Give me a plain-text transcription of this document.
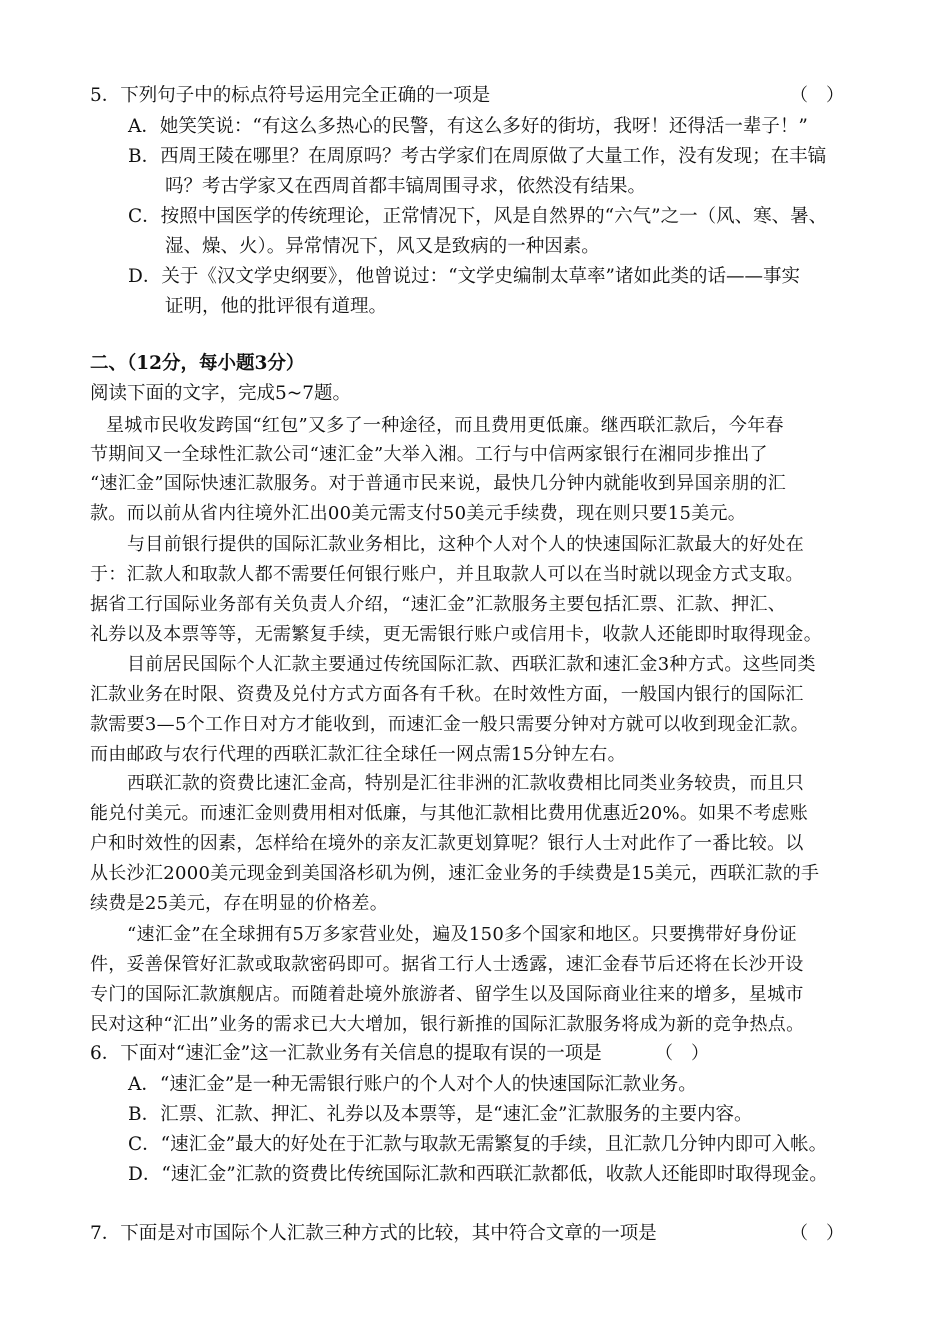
5．下列句子中的标点符号运用完全正确的一项是	（　）
A．她笑笑说：“有这么多热心的民警，有这么多好的街坊，我呀！还得活一辈子！”
B．西周王陵在哪里？在周原吗？考古学家们在周原做了大量工作，没有发现；在丰镐
吗？考古学家又在西周首都丰镐周围寻求，依然没有结果。
C．按照中国医学的传统理论，正常情况下，风是自然界的“六气”之一（风、寒、暑、
湿、燥、火）。异常情况下，风又是致病的一种因素。
D．关于《汉文学史纲要》，他曾说过：“文学史编制太草率”诸如此类的话——事实
证明，他的批评很有道理。
二、（12分，每小题3分）
阅读下面的文字，完成5~7题。
星城市民收发跨国“红包”又多了一种途径，而且费用更低廉。继西联汇款后，今年春
节期间又一全球性汇款公司“速汇金”大举入湘。工行与中信两家银行在湘同步推出了
“速汇金”国际快速汇款服务。对于普通市民来说，最快几分钟内就能收到异国亲朋的汇
款。而以前从省内往境外汇出00美元需支付50美元手续费，现在则只要15美元。
与目前银行提供的国际汇款业务相比，这种个人对个人的快速国际汇款最大的好处在
于：汇款人和取款人都不需要任何银行账户，并且取款人可以在当时就以现金方式支取。
据省工行国际业务部有关负责人介绍，“速汇金”汇款服务主要包括汇票、汇款、押汇、
礼券以及本票等等，无需繁复手续，更无需银行账户或信用卡，收款人还能即时取得现金。
目前居民国际个人汇款主要通过传统国际汇款、西联汇款和速汇金3种方式。这些同类
汇款业务在时限、资费及兑付方式方面各有千秋。在时效性方面，一般国内银行的国际汇
款需要3—5个工作日对方才能收到，而速汇金一般只需要分钟对方就可以收到现金汇款。
而由邮政与农行代理的西联汇款汇往全球任一网点需15分钟左右。
西联汇款的资费比速汇金高，特别是汇往非洲的汇款收费相比同类业务较贵，而且只
能兑付美元。而速汇金则费用相对低廉，与其他汇款相比费用优惠近20%。如果不考虑账
户和时效性的因素，怎样给在境外的亲友汇款更划算呢？银行人士对此作了一番比较。以
从长沙汇2000美元现金到美国洛杉矶为例，速汇金业务的手续费是15美元，西联汇款的手
续费是25美元，存在明显的价格差。
“速汇金”在全球拥有5万多家营业处，遍及150多个国家和地区。只要携带好身份证
件，妥善保管好汇款或取款密码即可。据省工行人士透露，速汇金春节后还将在长沙开设
专门的国际汇款旗舰店。而随着赴境外旅游者、留学生以及国际商业往来的增多，星城市
民对这种“汇出”业务的需求已大大增加，银行新推的国际汇款服务将成为新的竞争热点。
6．下面对“速汇金”这一汇款业务有关信息的提取有误的一项是	（　）
A．“速汇金”是一种无需银行账户的个人对个人的快速国际汇款业务。
B．汇票、汇款、押汇、礼券以及本票等，是“速汇金”汇款服务的主要内容。
C．“速汇金”最大的好处在于汇款与取款无需繁复的手续，且汇款几分钟内即可入帐。
D．“速汇金”汇款的资费比传统国际汇款和西联汇款都低，收款人还能即时取得现金。
7．下面是对市国际个人汇款三种方式的比较，其中符合文章的一项是	（　）
